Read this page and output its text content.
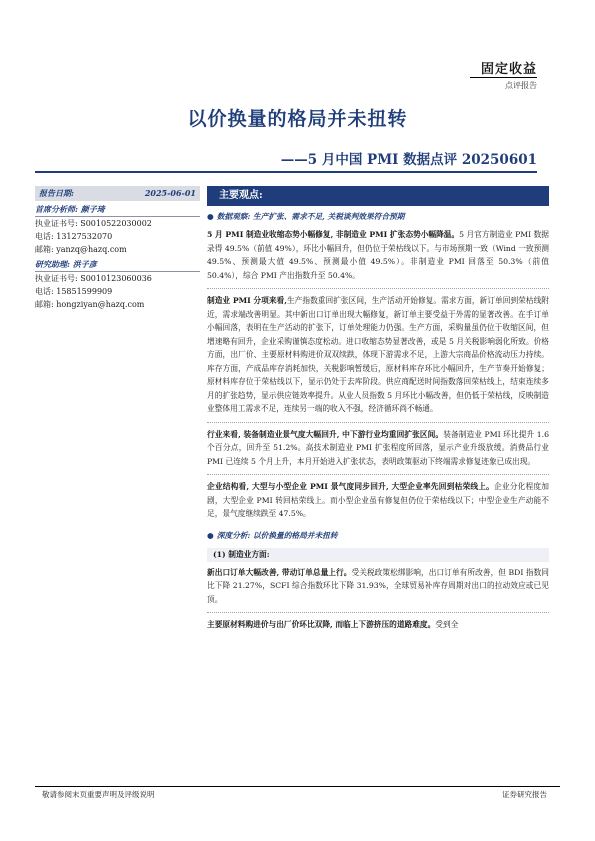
固定收益
点评报告
以价换量的格局并未扭转
——5 月中国 PMI 数据点评 20250601
报告日期:	2025-06-01
首席分析师: 颜子琦
执业证书号: S0010522030002
电话: 13127532070
邮箱: yanzq@hazq.com
研究助理: 洪子彦
执业证书号: S0010123060036
电话: 15851599909
邮箱: hongziyan@hazq.com
主要观点:
● 数据观察: 生产扩张、需求不足, 关税谈判效果符合预期
5 月 PMI 制造业收缩态势小幅修复, 非制造业 PMI 扩张态势小幅降温。5 月官方制造业 PMI 数据录得 49.5%（前值 49%），环比小幅回升，但仍位于荣枯线以下。与市场预期一致（Wind 一致预测 49.5%、预测最大值 49.5%、预测最小值 49.5%）。非制造业 PMI 回落至 50.3%（前值 50.4%），综合 PMI 产出指数升至 50.4%。
制造业 PMI 分项来看,生产指数重回扩张区间，生产活动开始修复。需求方面，新订单回到荣枯线附近，需求端改善明显。其中新出口订单出现大幅修复，新订单主要受益于外需的显著改善。在手订单小幅回落，表明在生产活动的扩张下，订单处理能力仍强。生产方面，采购量虽仍位于收缩区间，但增速略有回升，企业采购谨慎态度松动。进口收缩态势显著改善，或是 5 月关税影响弱化所致。价格方面，出厂价、主要原材料购进价双双续跌，体现下游需求不足，上游大宗商品价格流动压力持续。库存方面，产成品库存消耗加快，关税影响暂缓后，原材料库存环比小幅回升，生产节奏开始修复；原材料库存位于荣枯线以下，显示仍处于去库阶段。供应商配送时间指数落回荣枯线上，结束连续多月的扩张趋势，显示供应链效率提升。从业人员指数 5 月环比小幅改善，但仍低于荣枯线，反映制造业整体用工需求不足，连续另一端的收入不强，经济循环尚不畅通。
行业来看, 装备制造业景气度大幅回升, 中下游行业均重回扩张区间。装备制造业 PMI 环比提升 1.6 个百分点，回升至 51.2%。高技术制造业 PMI 扩张程度所回落，显示产业升级放缓。消费品行业 PMI 已连续 5 个月上升，本月开始进入扩张状态，表明政策驱动下终端需求修复迹象已成出现。
企业结构看, 大型与小型企业 PMI 景气度同步回升, 大型企业率先回到枯荣线上。企业分化程度加剧，大型企业 PMI 转回枯荣线上。而小型企业虽有修复但仍位于荣枯线以下；中型企业生产动能不足，景气度继续跌至 47.5%。
● 深度分析: 以价换量的格局并未扭转
(1) 制造业方面:
新出口订单大幅改善, 带动订单总量上行。受关税政策松绑影响，出口订单有所改善，但 BDI 指数同比下降 21.27%，SCFI 综合指数环比下降 31.93%，全球贸易补库存周期对出口的拉动效应或已见顶。
主要原材料购进价与出厂价环比双降, 而临上下游挤压的道路难度。受到全
敬请参阅末页重要声明及评级说明	证券研究报告
